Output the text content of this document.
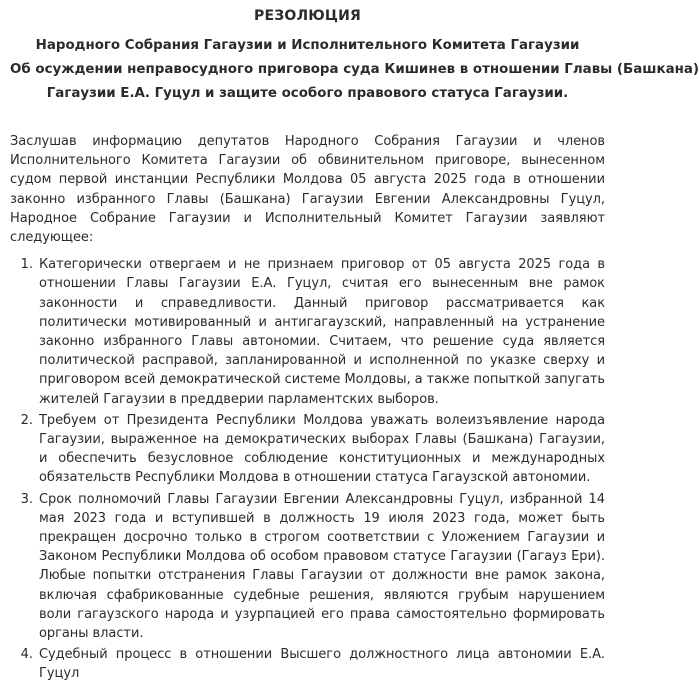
РЕЗОЛЮЦИЯ
Народного Собрания Гагаузии и Исполнительного Комитета Гагаузии
Об осуждении неправосудного приговора суда Кишинев в отношении Главы (Башкана)
Гагаузии Е.А. Гуцул и защите особого правового статуса Гагаузии.

Заслушав информацию депутатов Народного Собрания Гагаузии и членов Исполнительного Комитета Гагаузии об обвинительном приговоре, вынесенном судом первой инстанции Республики Молдова 05 августа 2025 года в отношении законно избранного Главы (Башкана) Гагаузии Евгении Александровны Гуцул, Народное Собрание Гагаузии и Исполнительный Комитет Гагаузии заявляют следующее:

1. Категорически отвергаем и не признаем приговор от 05 августа 2025 года в отношении Главы Гагаузии Е.А. Гуцул, считая его вынесенным вне рамок законности и справедливости. Данный приговор рассматривается как политически мотивированный и антигагаузский, направленный на устранение законно избранного Главы автономии. Считаем, что решение суда является политической расправой, запланированной и исполненной по указке сверху и приговором всей демократической системе Молдовы, а также попыткой запугать жителей Гагаузии в преддверии парламентских выборов.
2. Требуем от Президента Республики Молдова уважать волеизъявление народа Гагаузии, выраженное на демократических выборах Главы (Башкана) Гагаузии, и обеспечить безусловное соблюдение конституционных и международных обязательств Республики Молдова в отношении статуса Гагаузской автономии.
3. Срок полномочий Главы Гагаузии Евгении Александровны Гуцул, избранной 14 мая 2023 года и вступившей в должность 19 июля 2023 года, может быть прекращен досрочно только в строгом соответствии с Уложением Гагаузии и Законом Республики Молдова об особом правовом статусе Гагаузии (Гагауз Ери). Любые попытки отстранения Главы Гагаузии от должности вне рамок закона, включая сфабрикованные судебные решения, являются грубым нарушением воли гагаузского народа и узурпацией его права самостоятельно формировать органы власти.
4. Судебный процесс в отношении Высшего должностного лица автономии Е.А. Гуцул
